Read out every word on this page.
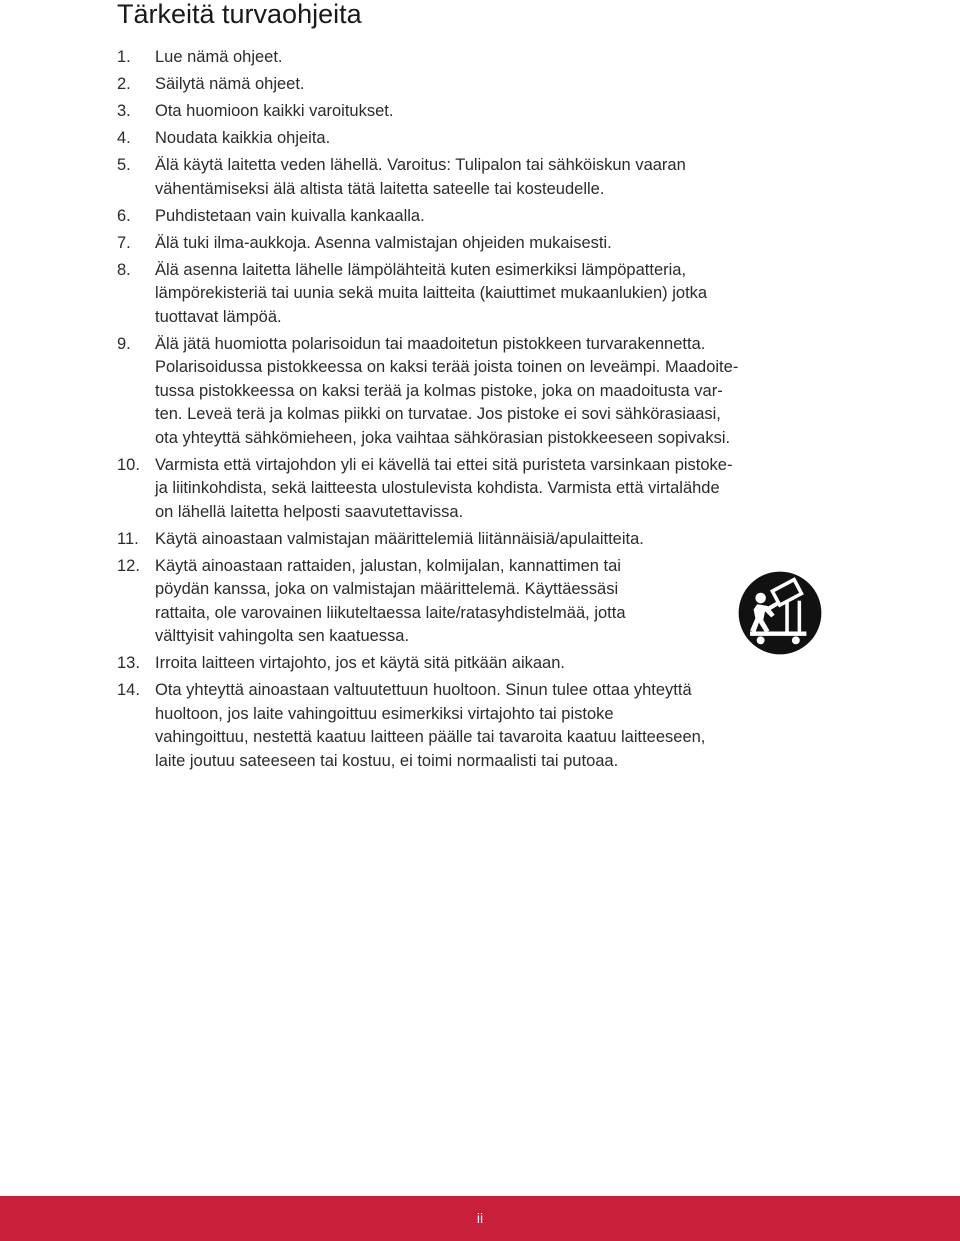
Tärkeitä turvaohjeita
1.	Lue nämä ohjeet.
2.	Säilytä nämä ohjeet.
3.	Ota huomioon kaikki varoitukset.
4.	Noudata kaikkia ohjeita.
5.	Älä käytä laitetta veden lähellä. Varoitus: Tulipalon tai sähköiskun vaaran
vähentämiseksi älä altista tätä laitetta sateelle tai kosteudelle.
6.	Puhdistetaan vain kuivalla kankaalla.
7.	Älä tuki ilma-aukkoja. Asenna valmistajan ohjeiden mukaisesti.
8.	Älä asenna laitetta lähelle lämpölähteitä kuten esimerkiksi lämpöpatteria,
lämpörekisteriä tai uunia sekä muita laitteita (kaiuttimet mukaanlukien) jotka
tuottavat lämpöä.
9.	Älä jätä huomiotta polarisoidun tai maadoitetun pistokkeen turvarakennetta.
Polarisoidussa pistokkeessa on kaksi terää joista toinen on leveämpi. Maadoite-
tussa pistokkeessa on kaksi terää ja kolmas pistoke, joka on maadoitusta var-
ten. Leveä terä ja kolmas piikki on turvatae. Jos pistoke ei sovi sähkörasiaasi,
ota yhteyttä sähkömieheen, joka vaihtaa sähkörasian pistokkeeseen sopivaksi.
10. Varmista että virtajohdon yli ei kävellä tai ettei sitä puristeta varsinkaan pistoke-
ja liitinkohdista, sekä laitteesta ulostulevista kohdista. Varmista että virtalähde
on lähellä laitetta helposti saavutettavissa.
11. Käytä ainoastaan valmistajan määrittelemiä liitännäisiä/apulaitteita.
12. Käytä ainoastaan rattaiden, jalustan, kolmijalan, kannattimen tai
pöydän kanssa, joka on valmistajan määrittelemä. Käyttäessäsi
rattaita, ole varovainen liikuteltaessa laite/ratasyhdistelmää, jotta
välttyisit vahingolta sen kaatuessa.
13. Irroita laitteen virtajohto, jos et käytä sitä pitkään aikaan.
14. Ota yhteyttä ainoastaan valtuutettuun huoltoon. Sinun tulee ottaa yhteyttä
huoltoon, jos laite vahingoittuu esimerkiksi virtajohto tai pistoke
vahingoittuu, nestettä kaatuu laitteen päälle tai tavaroita kaatuu laitteeseen,
laite joutuu sateeseen tai kostuu, ei toimi normaalisti tai putoaa.
ii
